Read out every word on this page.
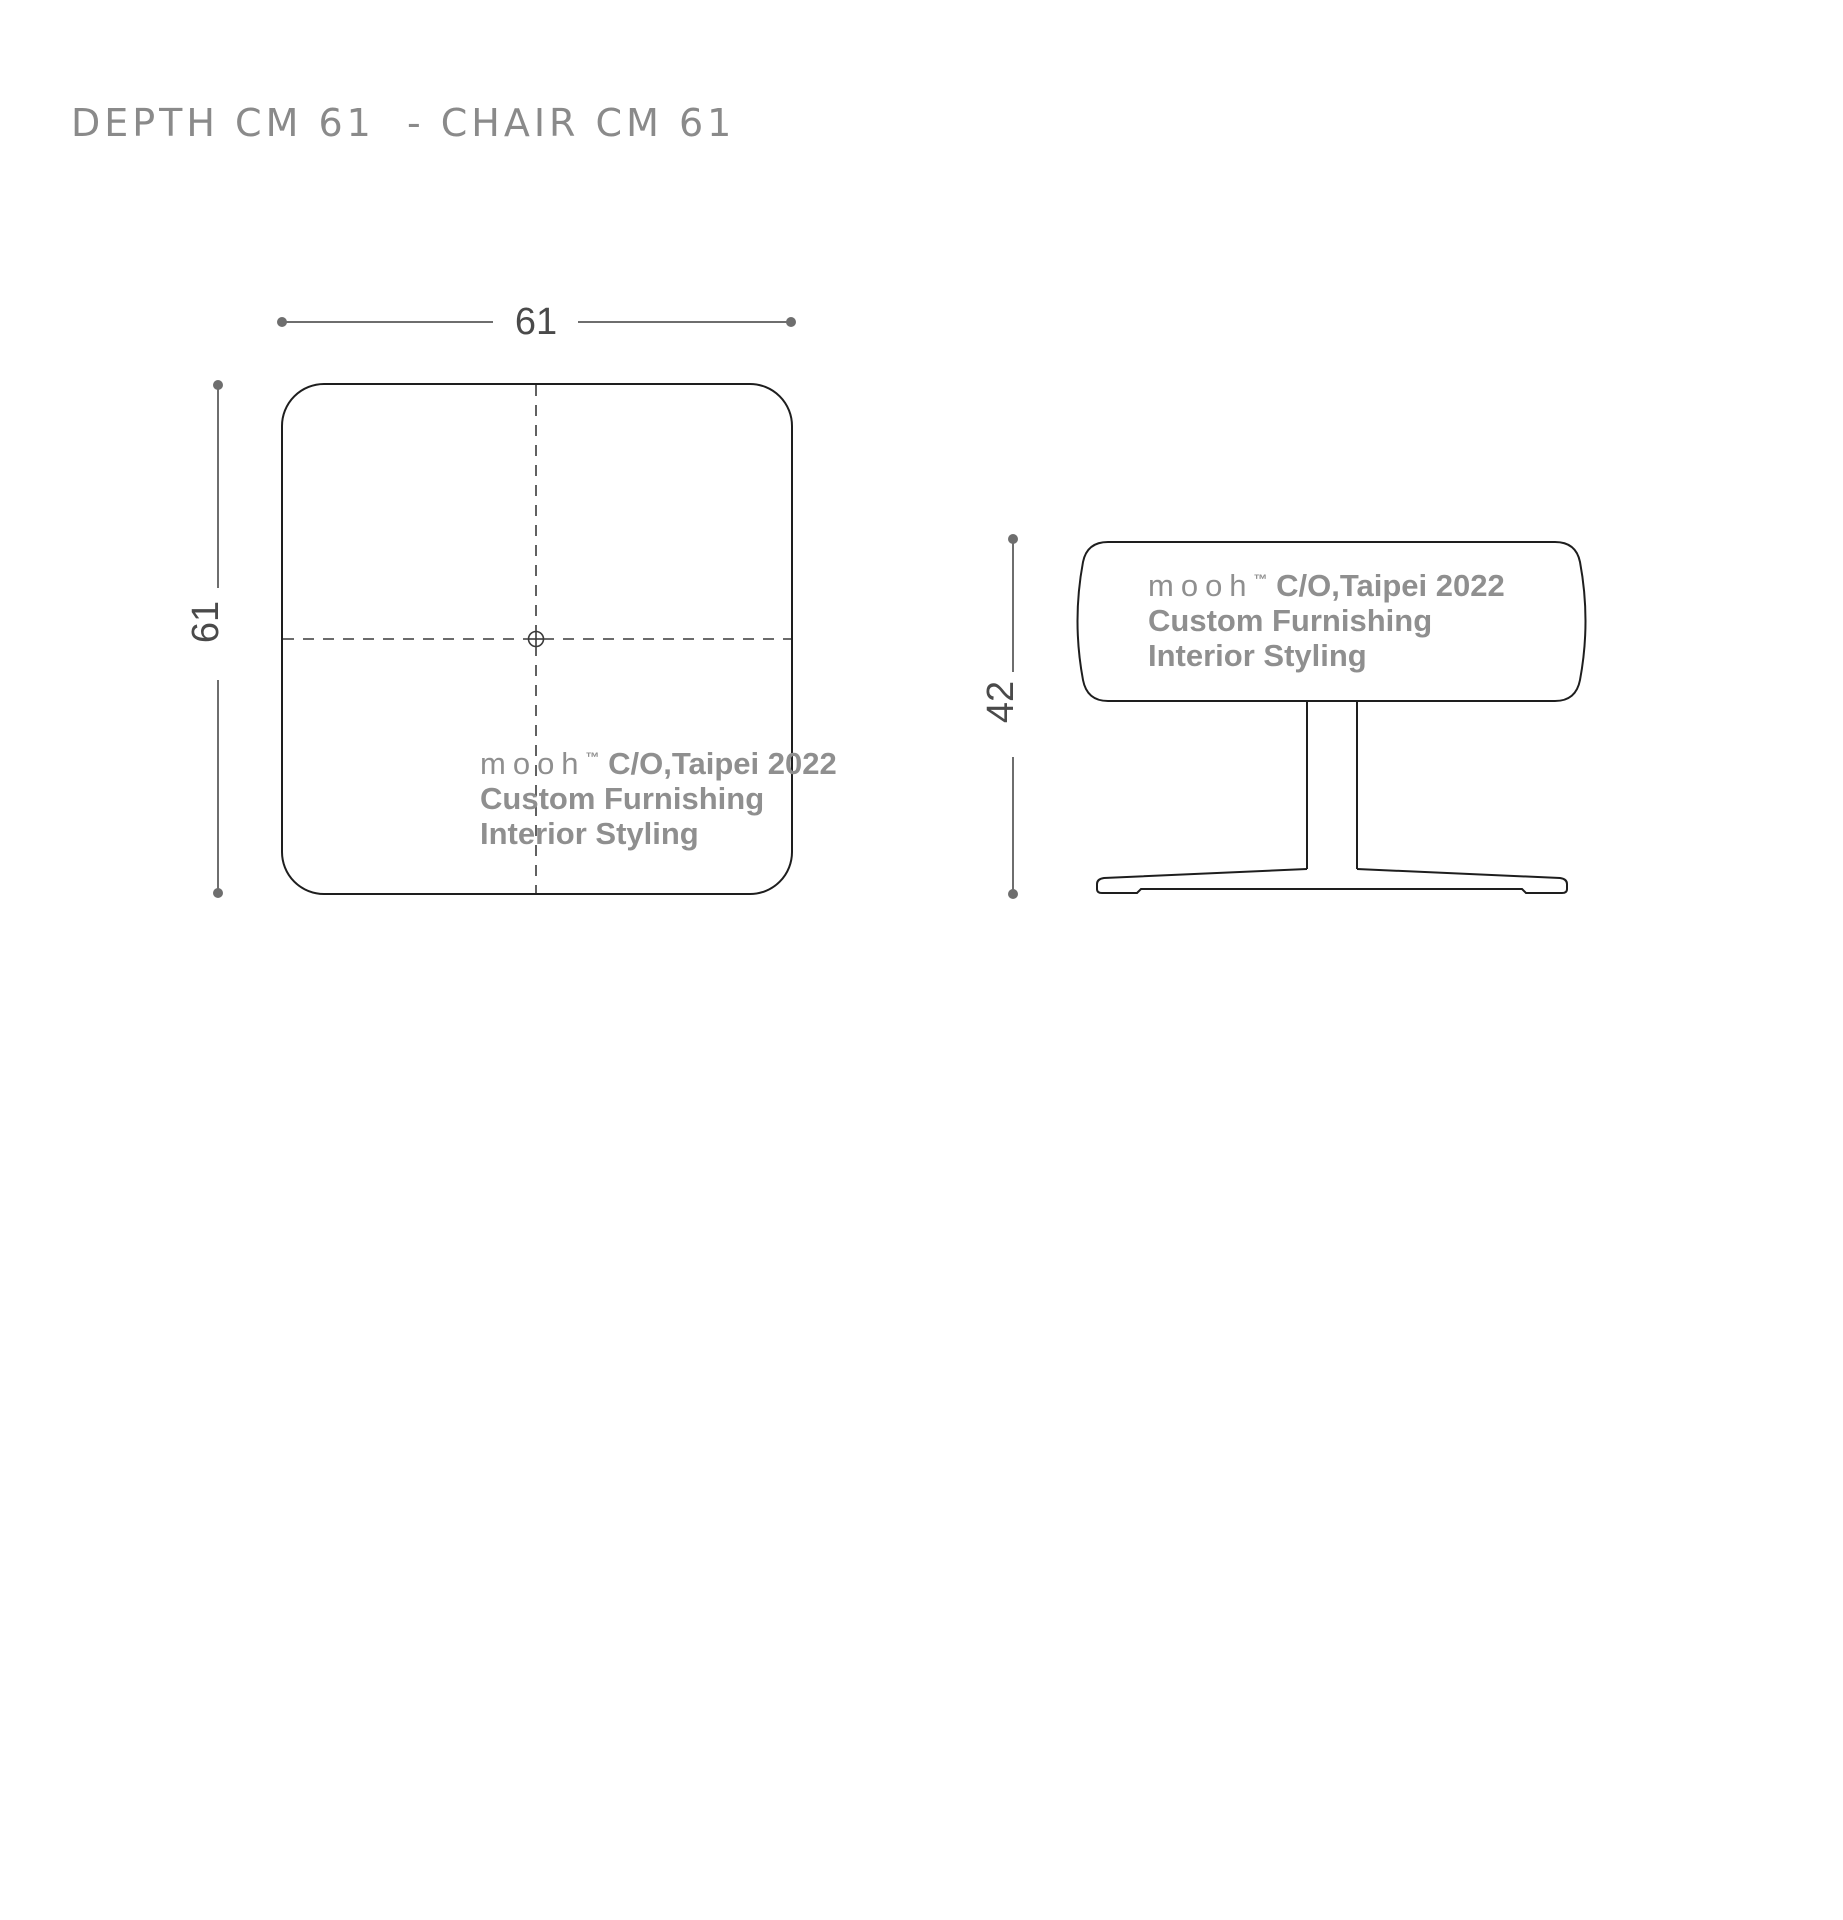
DEPTH CM 61  - CHAIR CM 61
61
61
42
mooh™ C/O,Taipei 2022
Custom Furnishing
Interior Styling
mooh™ C/O,Taipei 2022
Custom Furnishing
Interior Styling
